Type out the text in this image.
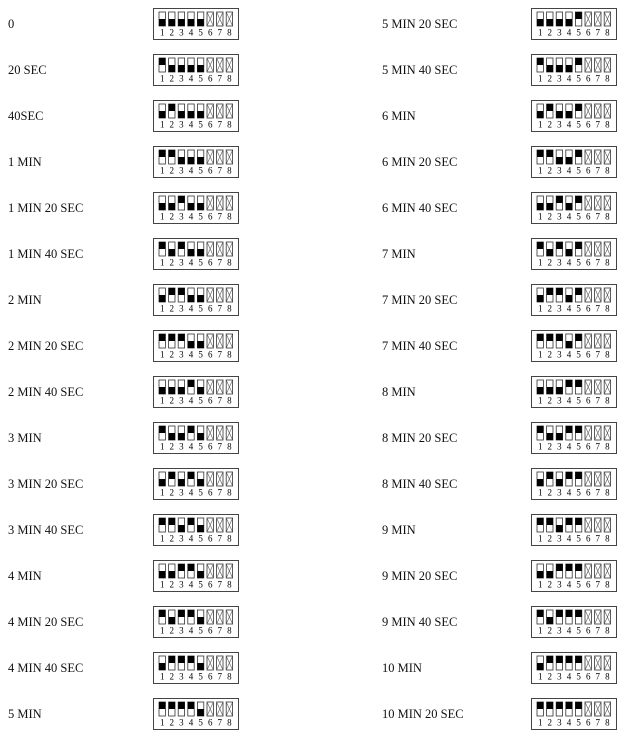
0
1 2 3 4 5 6 7 8
20 SEC
1 2 3 4 5 6 7 8
40SEC
1 2 3 4 5 6 7 8
1 MIN
1 2 3 4 5 6 7 8
1 MIN 20 SEC
1 2 3 4 5 6 7 8
1 MIN 40 SEC
1 2 3 4 5 6 7 8
2 MIN
1 2 3 4 5 6 7 8
2 MIN 20 SEC
1 2 3 4 5 6 7 8
2 MIN 40 SEC
1 2 3 4 5 6 7 8
3 MIN
1 2 3 4 5 6 7 8
3 MIN 20 SEC
1 2 3 4 5 6 7 8
3 MIN 40 SEC
1 2 3 4 5 6 7 8
4 MIN
1 2 3 4 5 6 7 8
4 MIN 20 SEC
1 2 3 4 5 6 7 8
4 MIN 40 SEC
1 2 3 4 5 6 7 8
5 MIN
1 2 3 4 5 6 7 8
5 MIN 20 SEC
1 2 3 4 5 6 7 8
5 MIN 40 SEC
1 2 3 4 5 6 7 8
6 MIN
1 2 3 4 5 6 7 8
6 MIN 20 SEC
1 2 3 4 5 6 7 8
6 MIN 40 SEC
1 2 3 4 5 6 7 8
7 MIN
1 2 3 4 5 6 7 8
7 MIN 20 SEC
1 2 3 4 5 6 7 8
7 MIN 40 SEC
1 2 3 4 5 6 7 8
8 MIN
1 2 3 4 5 6 7 8
8 MIN 20 SEC
1 2 3 4 5 6 7 8
8 MIN 40 SEC
1 2 3 4 5 6 7 8
9 MIN
1 2 3 4 5 6 7 8
9 MIN 20 SEC
1 2 3 4 5 6 7 8
9 MIN 40 SEC
1 2 3 4 5 6 7 8
10 MIN
1 2 3 4 5 6 7 8
10 MIN 20 SEC
1 2 3 4 5 6 7 8
